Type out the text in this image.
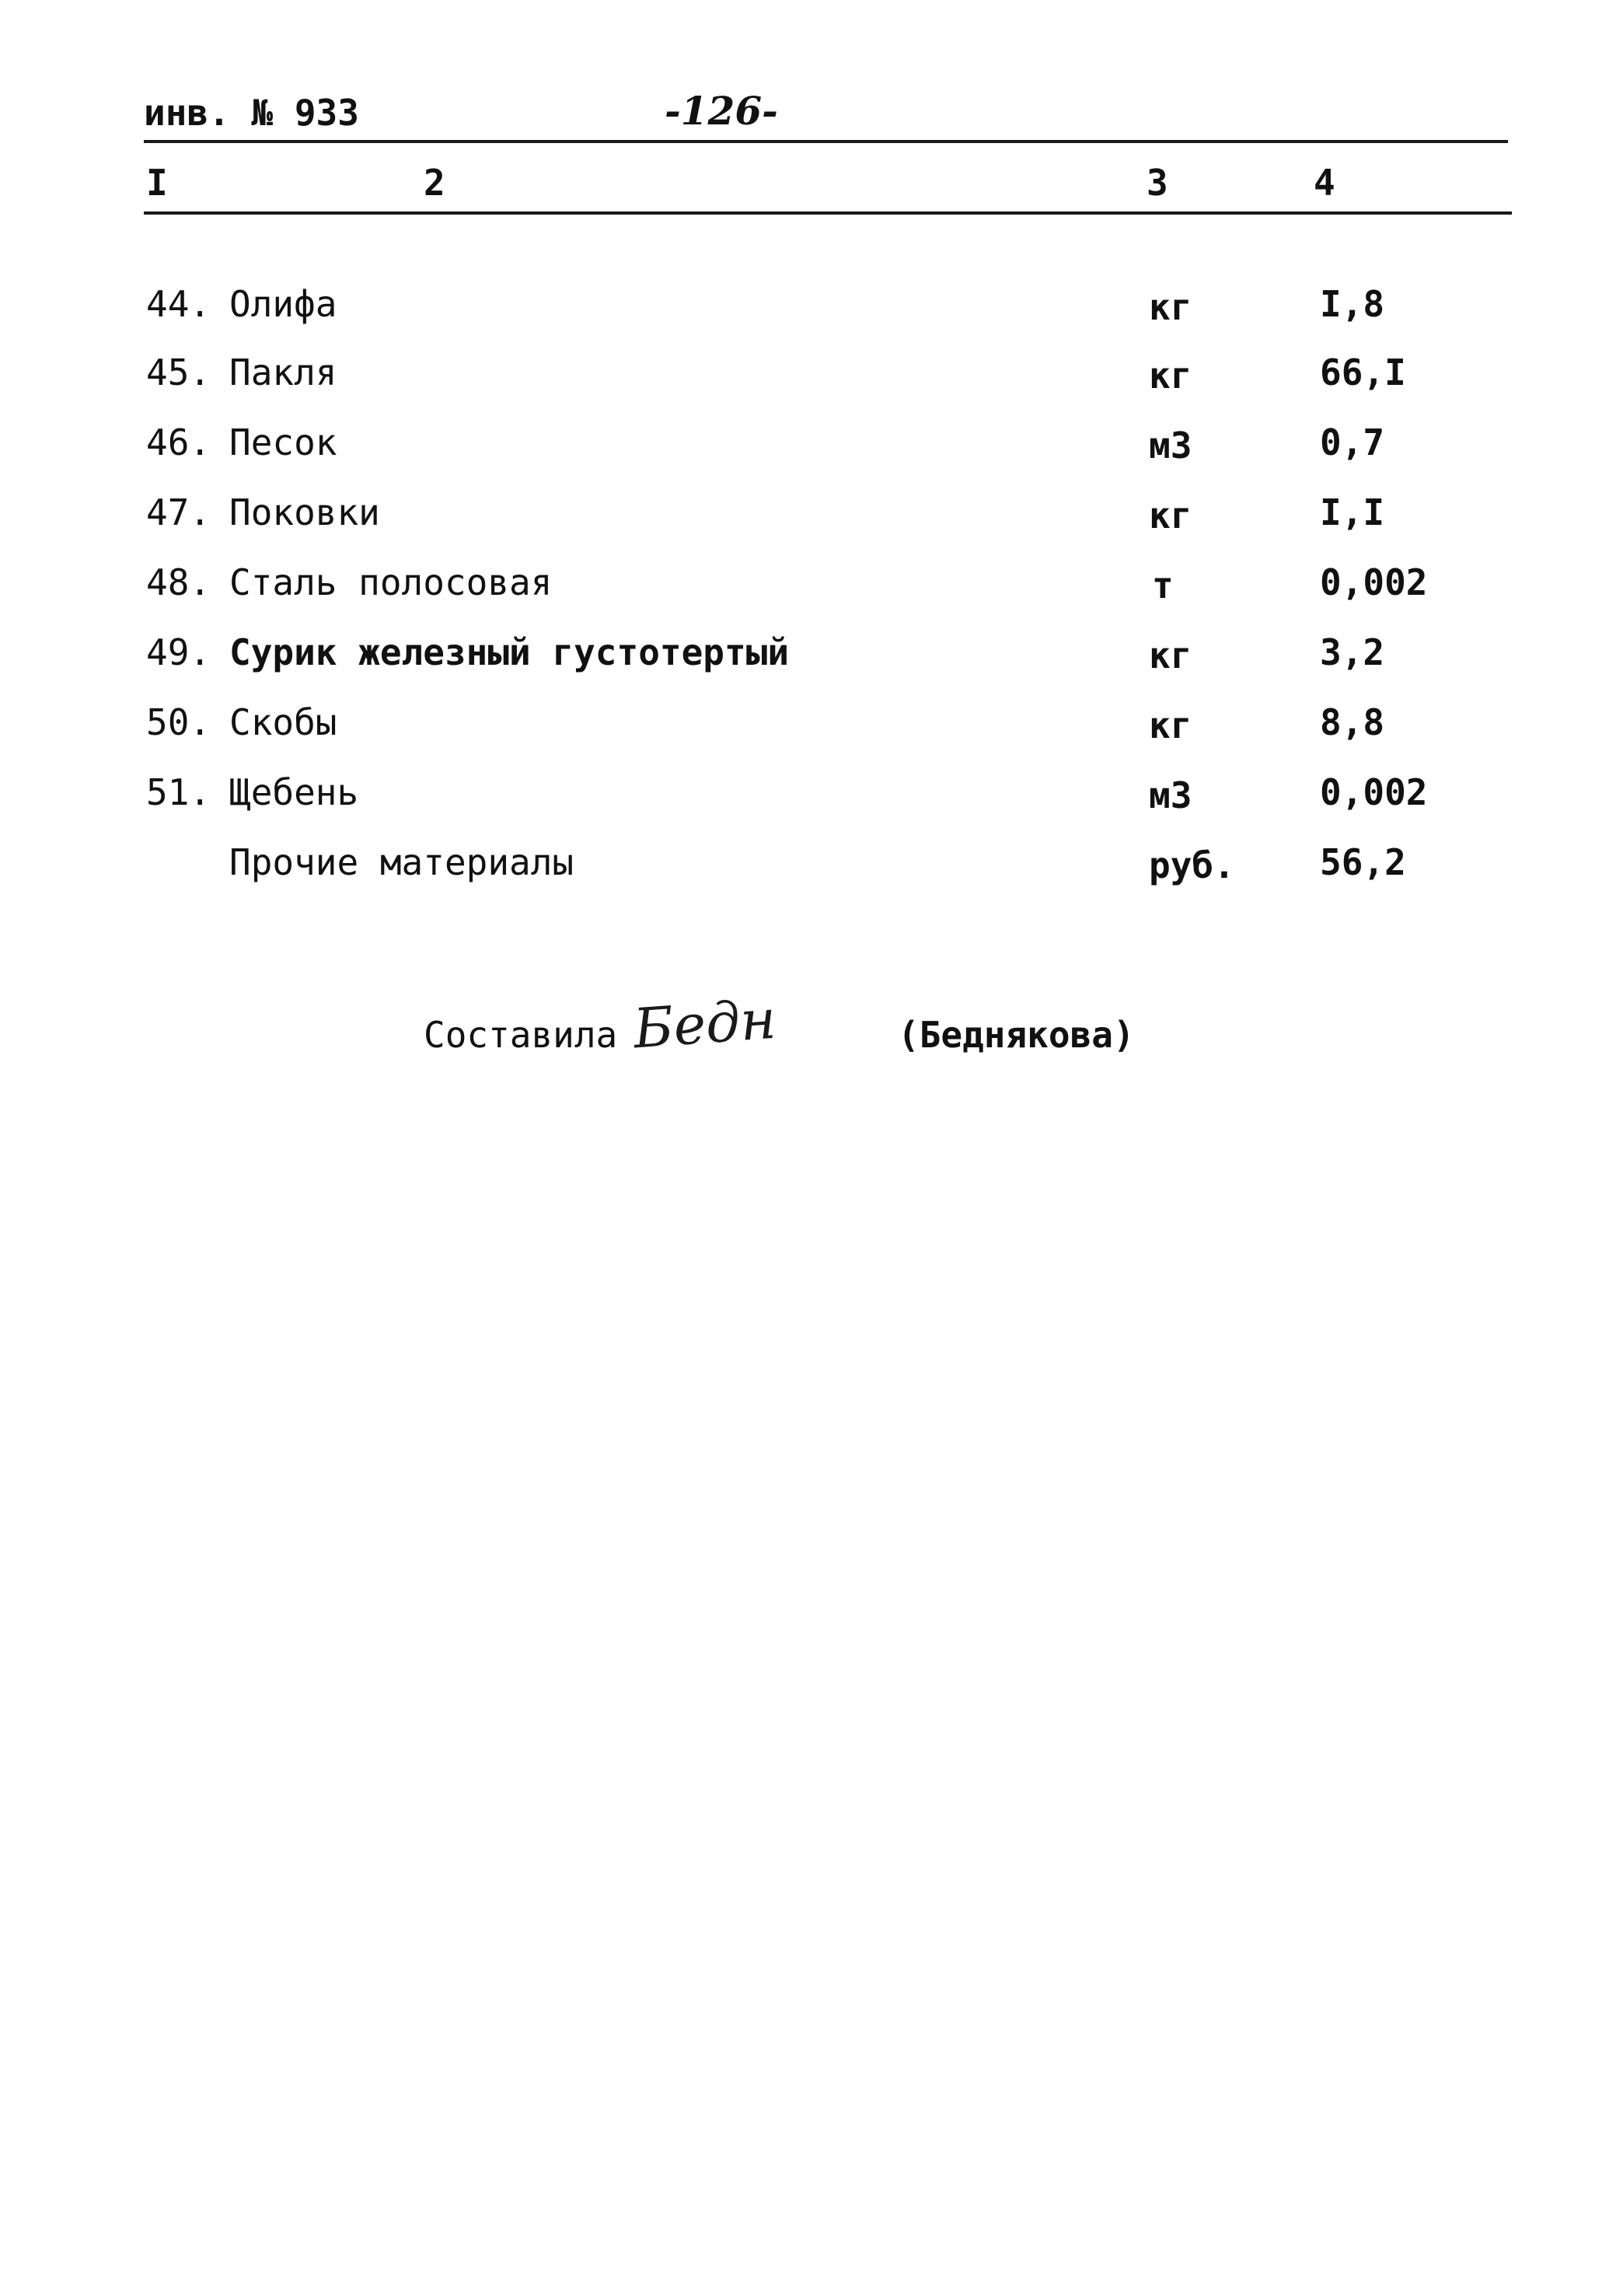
инв. № 933	-126-
I	2	3	4
44. Олифа	кг	I,8
45. Пакля	кг	66,I
46. Песок	м3	0,7
47. Поковки	кг	I,I
48. Сталь полосовая	т	0,002
49. Сурик железный густотертый	кг	3,2
50. Скобы	кг	8,8
51. Щебень	м3	0,002
Прочие материалы	руб. 56,2
Составила Бедн	(Беднякова)
